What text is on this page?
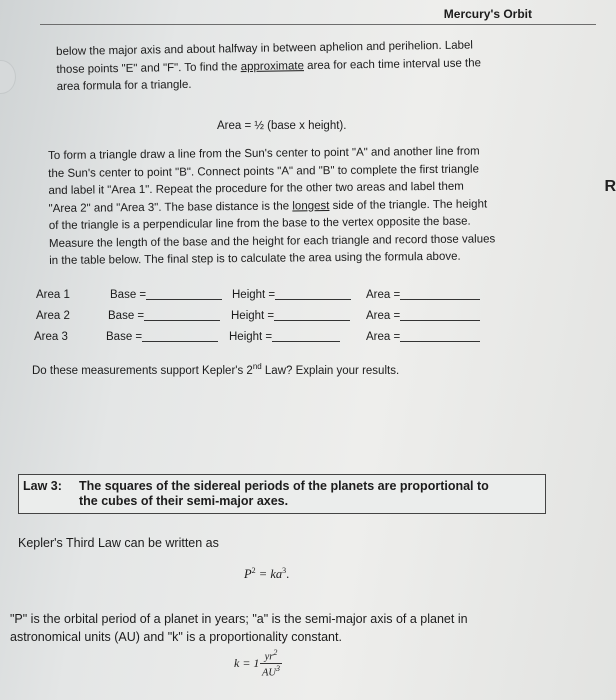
Mercury's Orbit
R
below the major axis and about halfway in between aphelion and perihelion. Label
those points "E" and "F". To find the approximate area for each time interval use the
area formula for a triangle.
Area = ½ (base x height).
To form a triangle draw a line from the Sun's center to point "A" and another line from
the Sun's center to point "B". Connect points "A" and "B" to complete the first triangle
and label it "Area 1". Repeat the procedure for the other two areas and label them
"Area 2" and "Area 3". The base distance is the longest side of the triangle. The height
of the triangle is a perpendicular line from the base to the vertex opposite the base.
Measure the length of the base and the height for each triangle and record those values
in the table below. The final step is to calculate the area using the formula above.
Area 1	Base =	Height =	Area =
Area 2	Base =	Height =	Area =
Area 3	Base =	Height =	Area =
Do these measurements support Kepler's 2nd Law? Explain your results.
Law 3: The squares of the sidereal periods of the planets are proportional to
the cubes of their semi-major axes.
Kepler's Third Law can be written as
$P^2 = ka^3$.
"P" is the orbital period of a planet in years; "a" is the semi-major axis of a planet in
astronomical units (AU) and "k" is a proportionality constant.
$k = 1 \frac{yr^2}{AU^3}$
